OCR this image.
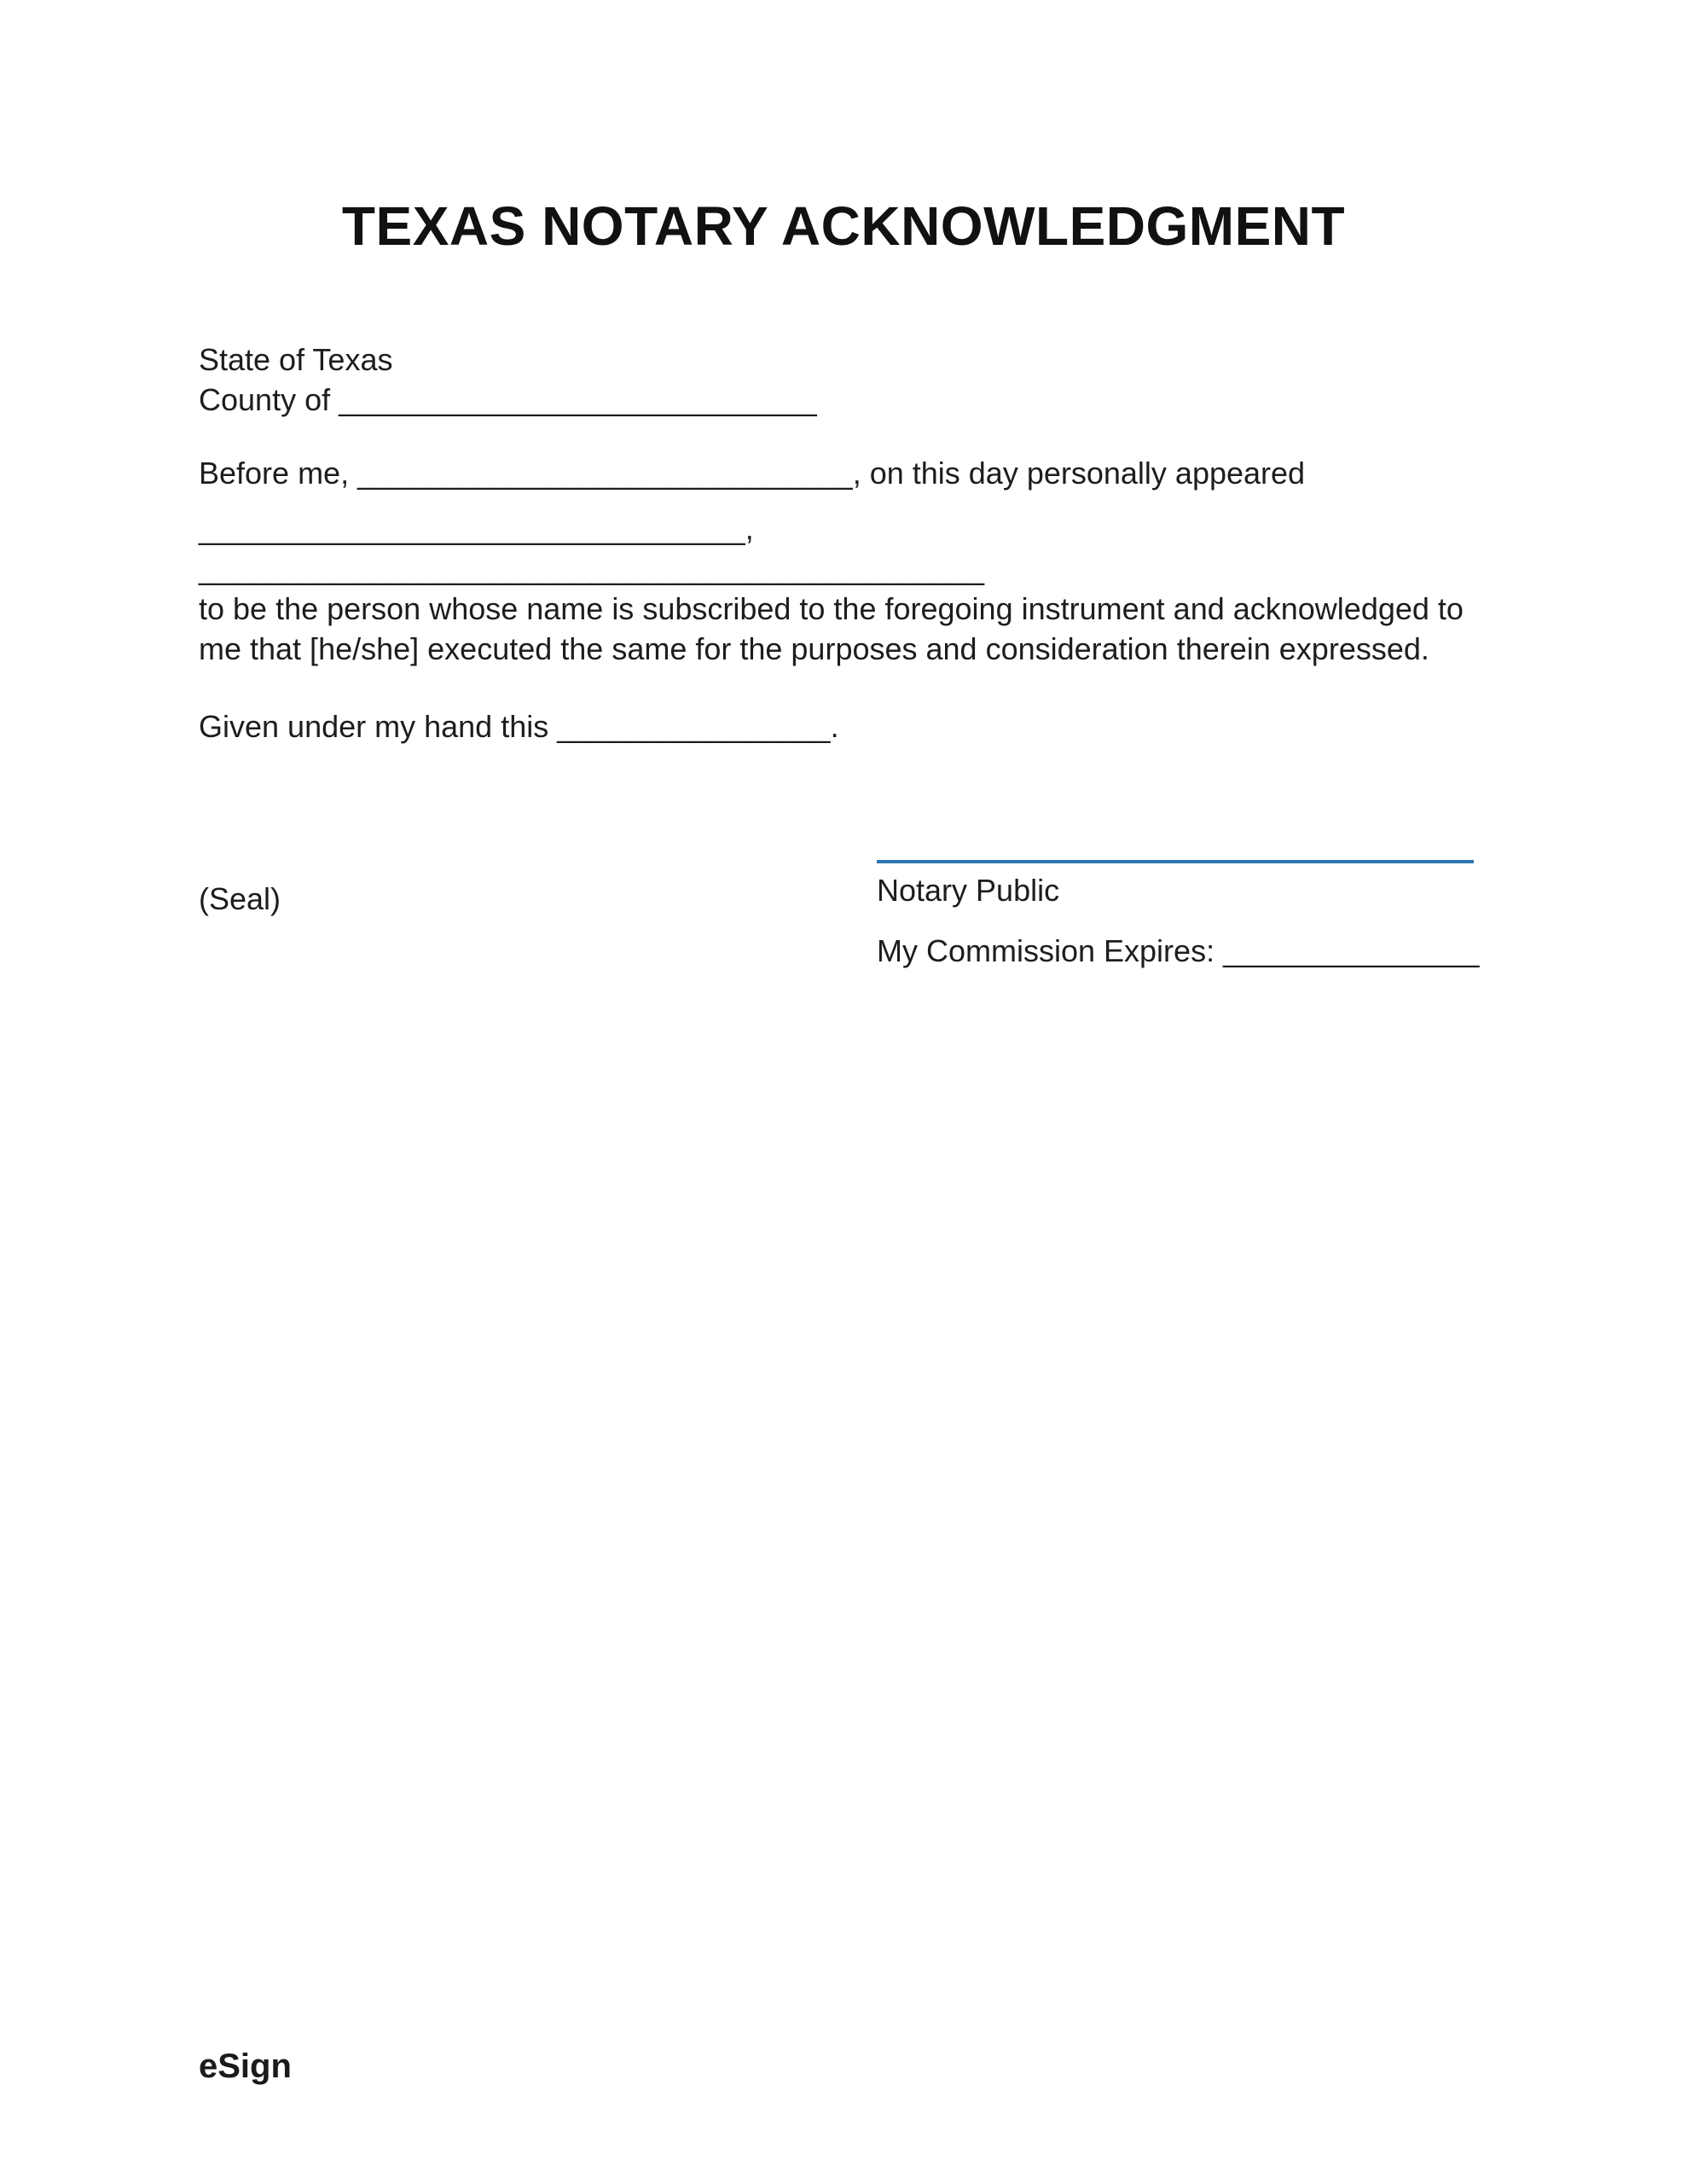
TEXAS NOTARY ACKNOWLEDGMENT
State of Texas
County of ____________________________
Before me, _____________________________, on this day personally appeared
________________________________, ______________________________________________
to be the person whose name is subscribed to the foregoing instrument and acknowledged to me that [he/she] executed the same for the purposes and consideration therein expressed.
Given under my hand this ________________.
(Seal)	Notary Public
My Commission Expires: _______________
eSign
